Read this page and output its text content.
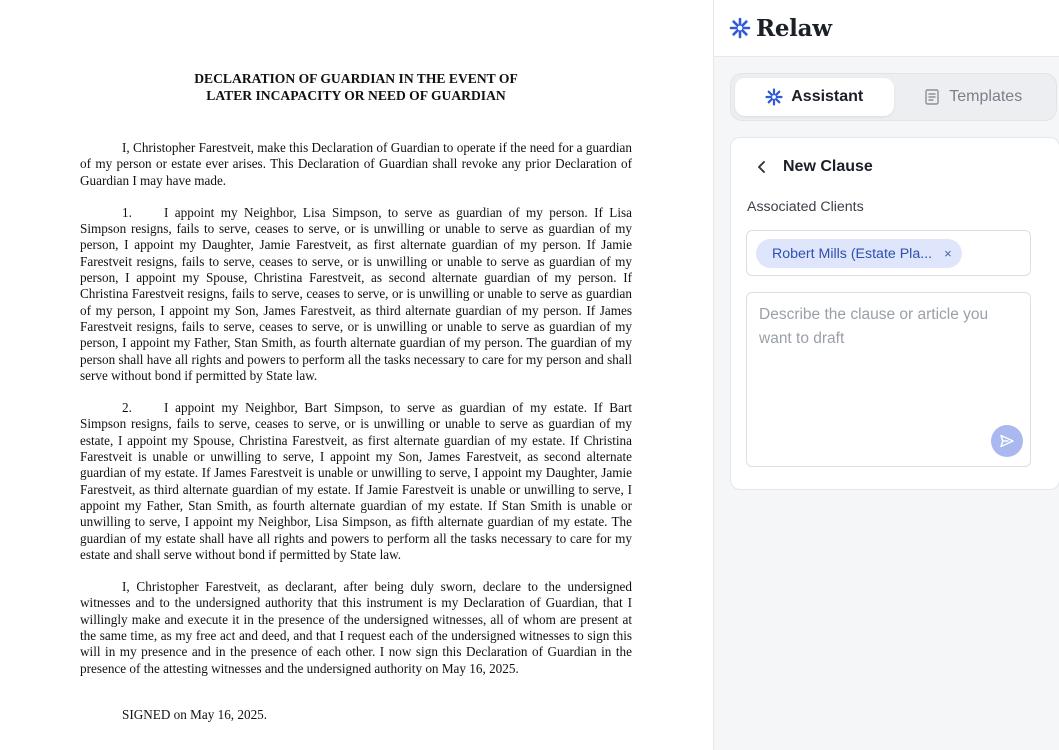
DECLARATION OF GUARDIAN IN THE EVENT OF
LATER INCAPACITY OR NEED OF GUARDIAN

I, Christopher Farestveit, make this Declaration of Guardian to operate if the need for a guardian of my person or estate ever arises. This Declaration of Guardian shall revoke any prior Declaration of Guardian I may have made.

1. I appoint my Neighbor, Lisa Simpson, to serve as guardian of my person. If Lisa Simpson resigns, fails to serve, ceases to serve, or is unwilling or unable to serve as guardian of my person, I appoint my Daughter, Jamie Farestveit, as first alternate guardian of my person. If Jamie Farestveit resigns, fails to serve, ceases to serve, or is unwilling or unable to serve as guardian of my person, I appoint my Spouse, Christina Farestveit, as second alternate guardian of my person. If Christina Farestveit resigns, fails to serve, ceases to serve, or is unwilling or unable to serve as guardian of my person, I appoint my Son, James Farestveit, as third alternate guardian of my person. If James Farestveit resigns, fails to serve, ceases to serve, or is unwilling or unable to serve as guardian of my person, I appoint my Father, Stan Smith, as fourth alternate guardian of my person. The guardian of my person shall have all rights and powers to perform all the tasks necessary to care for my person and shall serve without bond if permitted by State law.

2. I appoint my Neighbor, Bart Simpson, to serve as guardian of my estate. If Bart Simpson resigns, fails to serve, ceases to serve, or is unwilling or unable to serve as guardian of my estate, I appoint my Spouse, Christina Farestveit, as first alternate guardian of my estate. If Christina Farestveit is unable or unwilling to serve, I appoint my Son, James Farestveit, as second alternate guardian of my estate. If James Farestveit is unable or unwilling to serve, I appoint my Daughter, Jamie Farestveit, as third alternate guardian of my estate. If Jamie Farestveit is unable or unwilling to serve, I appoint my Father, Stan Smith, as fourth alternate guardian of my estate. If Stan Smith is unable or unwilling to serve, I appoint my Neighbor, Lisa Simpson, as fifth alternate guardian of my estate. The guardian of my estate shall have all rights and powers to perform all the tasks necessary to care for my estate and shall serve without bond if permitted by State law.

I, Christopher Farestveit, as declarant, after being duly sworn, declare to the undersigned witnesses and to the undersigned authority that this instrument is my Declaration of Guardian, that I willingly make and execute it in the presence of the undersigned witnesses, all of whom are present at the same time, as my free act and deed, and that I request each of the undersigned witnesses to sign this will in my presence and in the presence of each other. I now sign this Declaration of Guardian in the presence of the attesting witnesses and the undersigned authority on May 16, 2025.

SIGNED on May 16, 2025.
Relaw
Assistant	Templates
New Clause
Associated Clients
Robert Mills (Estate Pla... ×
Describe the clause or article you want to draft
